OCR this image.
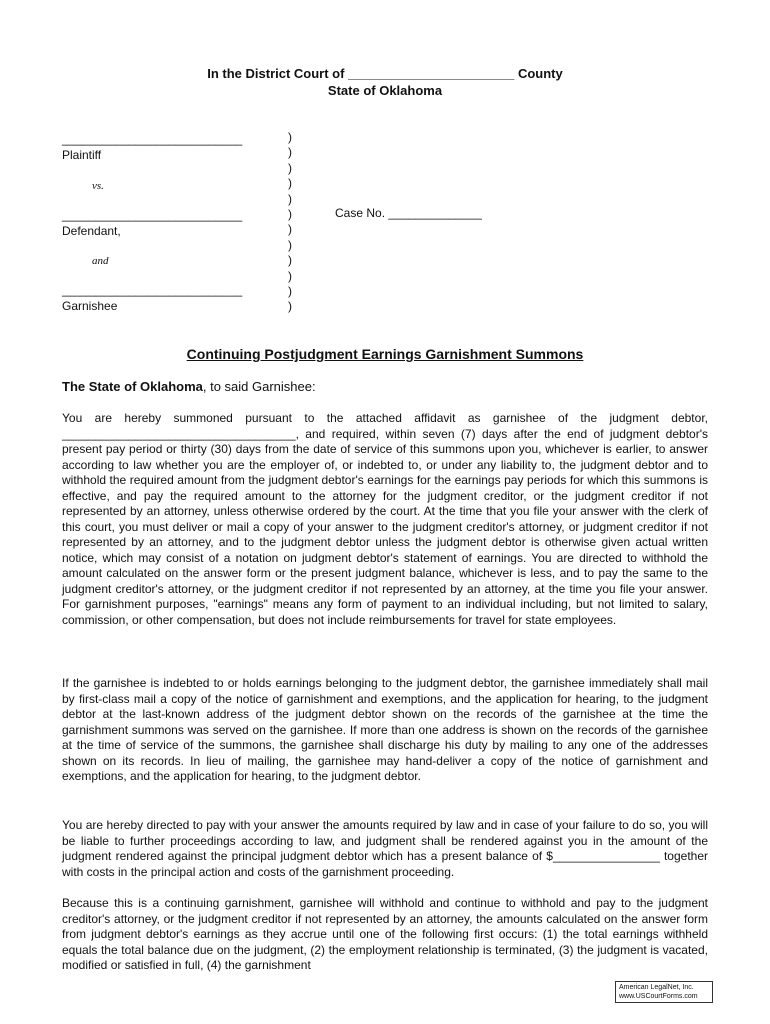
In the District Court of _______________________ County
State of Oklahoma
___________________________
Plaintiff
vs.
___________________________
Defendant,
and
___________________________
Garnishee
)
)
)
)
)
)
)
)
)
)
)
)
Case No. ______________
Continuing Postjudgment Earnings Garnishment Summons
The State of Oklahoma, to said Garnishee:
You are hereby summoned pursuant to the attached affidavit as garnishee of the judgment debtor, ___________________________________, and required, within seven (7) days after the end of judgment debtor's present pay period or thirty (30) days from the date of service of this summons upon you, whichever is earlier, to answer according to law whether you are the employer of, or indebted to, or under any liability to, the judgment debtor and to withhold the required amount from the judgment debtor's earnings for the earnings pay periods for which this summons is effective, and pay the required amount to the attorney for the judgment creditor, or the judgment creditor if not represented by an attorney, unless otherwise ordered by the court. At the time that you file your answer with the clerk of this court, you must deliver or mail a copy of your answer to the judgment creditor's attorney, or judgment creditor if not represented by an attorney, and to the judgment debtor unless the judgment debtor is otherwise given actual written notice, which may consist of a notation on judgment debtor's statement of earnings. You are directed to withhold the amount calculated on the answer form or the present judgment balance, whichever is less, and to pay the same to the judgment creditor's attorney, or the judgment creditor if not represented by an attorney, at the time you file your answer. For garnishment purposes, "earnings" means any form of payment to an individual including, but not limited to salary, commission, or other compensation, but does not include reimbursements for travel for state employees.
If the garnishee is indebted to or holds earnings belonging to the judgment debtor, the garnishee immediately shall mail by first-class mail a copy of the notice of garnishment and exemptions, and the application for hearing, to the judgment debtor at the last-known address of the judgment debtor shown on the records of the garnishee at the time the garnishment summons was served on the garnishee. If more than one address is shown on the records of the garnishee at the time of service of the summons, the garnishee shall discharge his duty by mailing to any one of the addresses shown on its records. In lieu of mailing, the garnishee may hand-deliver a copy of the notice of garnishment and exemptions, and the application for hearing, to the judgment debtor.
You are hereby directed to pay with your answer the amounts required by law and in case of your failure to do so, you will be liable to further proceedings according to law, and judgment shall be rendered against you in the amount of the judgment rendered against the principal judgment debtor which has a present balance of $________________ together with costs in the principal action and costs of the garnishment proceeding.
Because this is a continuing garnishment, garnishee will withhold and continue to withhold and pay to the judgment creditor's attorney, or the judgment creditor if not represented by an attorney, the amounts calculated on the answer form from judgment debtor's earnings as they accrue until one of the following first occurs: (1) the total earnings withheld equals the total balance due on the judgment, (2) the employment relationship is terminated, (3) the judgment is vacated, modified or satisfied in full, (4) the garnishment
American LegalNet, Inc.
www.USCourtForms.com
